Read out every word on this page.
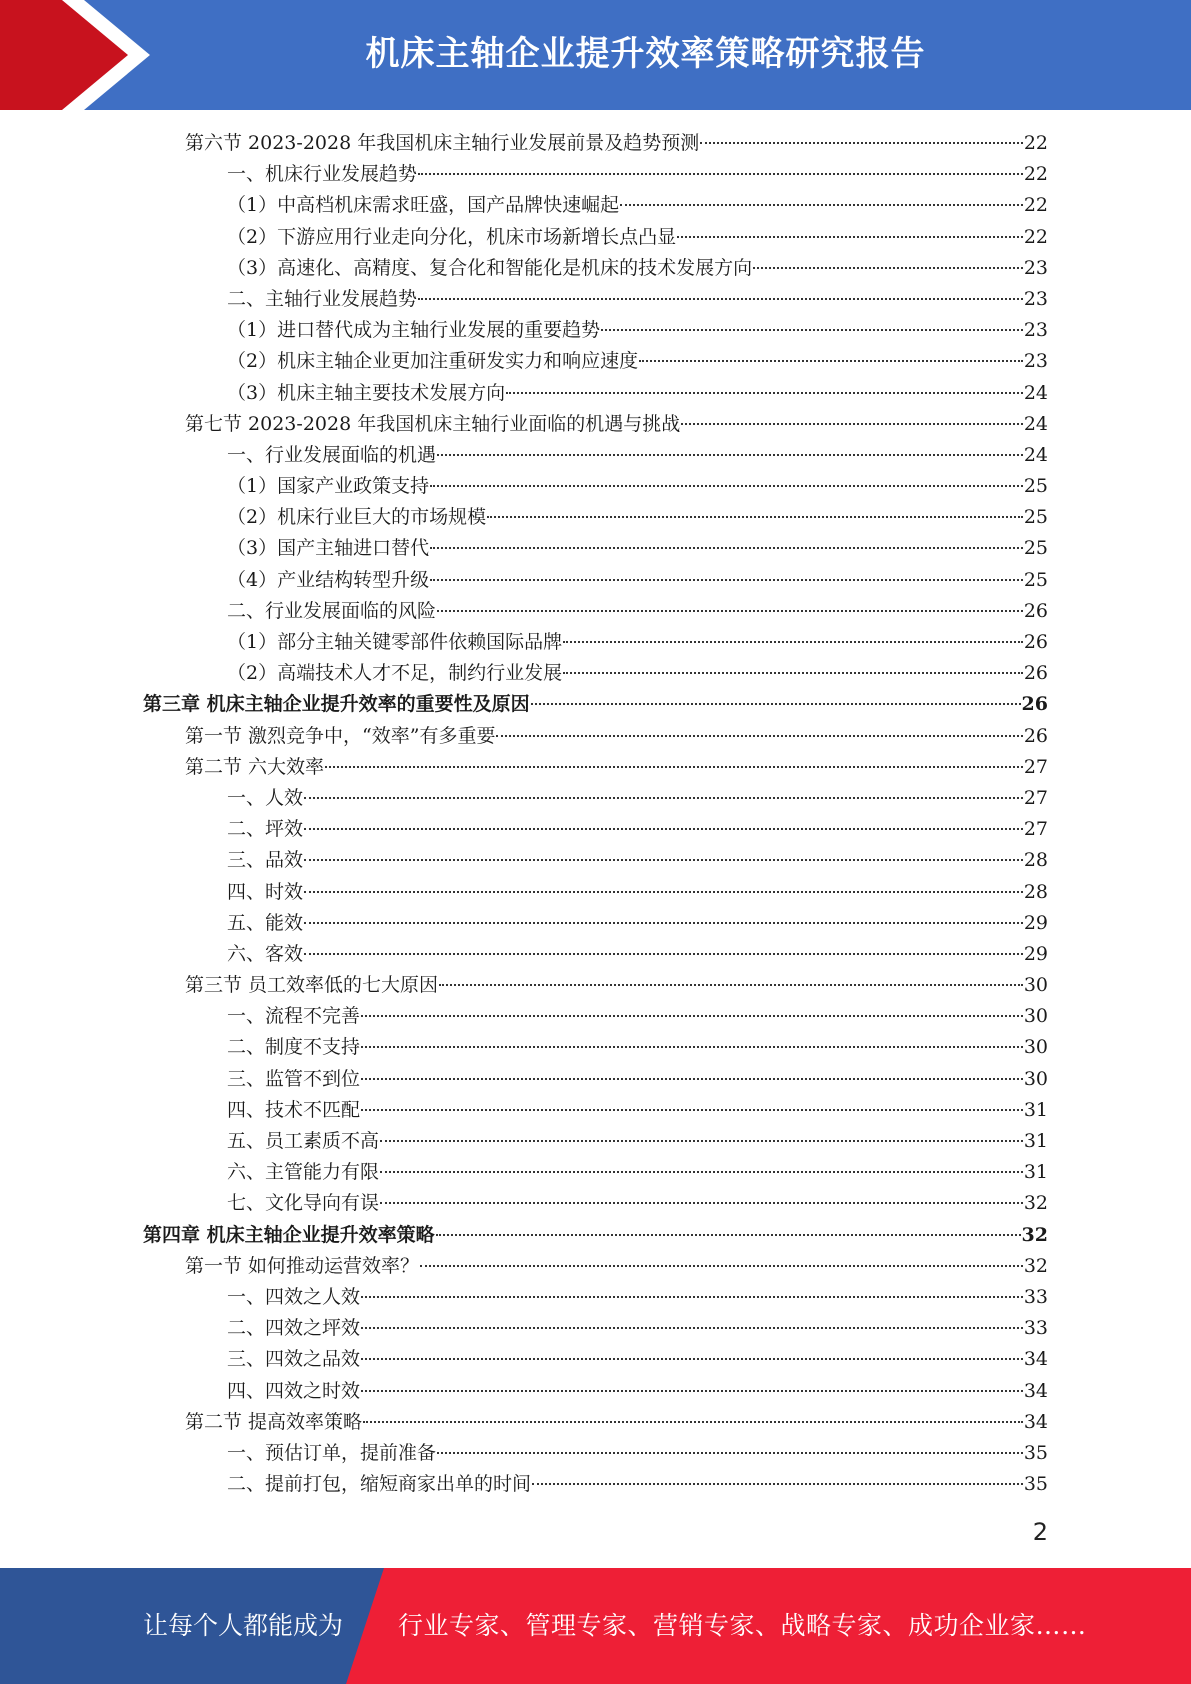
机床主轴企业提升效率策略研究报告
第六节 2023-2028 年我国机床主轴行业发展前景及趋势预测	22
一、机床行业发展趋势	22
（1）中高档机床需求旺盛，国产品牌快速崛起	22
（2）下游应用行业走向分化，机床市场新增长点凸显	22
（3）高速化、高精度、复合化和智能化是机床的技术发展方向	23
二、主轴行业发展趋势	23
（1）进口替代成为主轴行业发展的重要趋势	23
（2）机床主轴企业更加注重研发实力和响应速度	23
（3）机床主轴主要技术发展方向	24
第七节 2023-2028 年我国机床主轴行业面临的机遇与挑战	24
一、行业发展面临的机遇	24
（1）国家产业政策支持	25
（2）机床行业巨大的市场规模	25
（3）国产主轴进口替代	25
（4）产业结构转型升级	25
二、行业发展面临的风险	26
（1）部分主轴关键零部件依赖国际品牌	26
（2）高端技术人才不足，制约行业发展	26
第三章 机床主轴企业提升效率的重要性及原因	26
第一节 激烈竞争中，“效率”有多重要	26
第二节 六大效率	27
一、人效	27
二、坪效	27
三、品效	28
四、时效	28
五、能效	29
六、客效	29
第三节 员工效率低的七大原因	30
一、流程不完善	30
二、制度不支持	30
三、监管不到位	30
四、技术不匹配	31
五、员工素质不高	31
六、主管能力有限	31
七、文化导向有误	32
第四章 机床主轴企业提升效率策略	32
第一节 如何推动运营效率？	32
一、四效之人效	33
二、四效之坪效	33
三、四效之品效	34
四、四效之时效	34
第二节 提高效率策略	34
一、预估订单，提前准备	35
二、提前打包，缩短商家出单的时间	35
2
让每个人都能成为 行业专家、管理专家、营销专家、战略专家、成功企业家……
